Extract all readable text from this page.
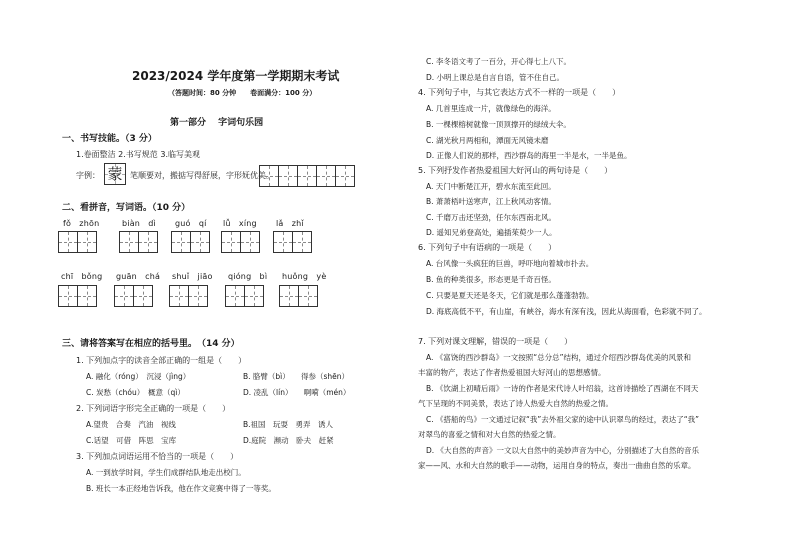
2023/2024 学年度第一学期期末考试
（答题时间：80 分钟　　卷面满分：100 分）
第一部分　 字词句乐园
一、书写技能。（3 分）
1.卷面整洁 2.书写规范 3.临写美观
字例： 蒙 笔顺要对，搬掂写得舒展，字形妩优美。
二、看拼音，写词语。（10 分）
fǒ　zhōn	biàn　dì guó　qí lǚ　xíng lǎ　zhǐ
chī　bǒng guān　chá shuǐ　jiāo qióng　bì huǒng　yè
三、请将答案写在相应的括号里。　（14 分）
1. 下列加点字的读音全部正确的一组是（　　）
A. 融化（róng）　沉浸（jìng）	B. 胳臂（bì）　　得参（shēn）
C. 炭愁（chóu）　概意（qì）	D. 凌乱（lín）　　啊嗬（mén）
2. 下列词语字形完全正确的一项是（　　）
A.望贵　合奏　汽油　视线	B.祖国　玩耍　勇弄　诱人
C.话望　可借　阵思　宝库	D.庭院　濒动　卧夫　赶紧
3. 下列加点词语运用不恰当的一项是（　　）
A. 一到放学时间，学生们成群结队地走出校门。
B. 班长一本正经地告诉我，他在作文竞赛中得了一等奖。
C. 李冬语文考了一百分，开心得七上八下。
D. 小明上课总是自言自语，管不住自己。
4. 下列句子中，与其它表达方式不一样的一项是（　　）
A. 几首里连成一片，就像绿色的海洋。
B. 一棵棵榕树就像一顶顶撑开的绿绒大伞。
C. 湖光秋月两相和，潭面无风镜未磨
D. 正像人们说的那样，西沙群岛的海里一半是水，一半是鱼。
5. 下列抒发作者热爱祖国大好河山的两句诗是（　　）
A. 天门中断楚江开，碧水东流至此回。
B. 萧萧梧叶送寒声，江上秋风动客情。
C. 千磨万击还坚劲，任尔东西南北风。
D. 遥知兄弟登高处，遍插茱萸少一人。
6. 下列句子中有语病的一项是（　　）
A. 台风像一头疯狂的巨兽，呼吓地向着城市扑去。
B. 鱼的种类很多，形态更是千奇百怪。
C. 只要是夏天还是冬天，它们就是那么蓬蓬勃勃。
D. 海底高低不平，有山崖，有峡谷，海水有深有浅，因此从海面看，色彩就不同了。
7. 下列对课文理解，错误的一项是（　　）
A. 《富饶的西沙群岛》一文按照“总分总”结构，通过介绍西沙群岛优美的风景和
丰富的物产，表达了作者热爱祖国大好河山的思想感情。
B. 《饮湖上初晴后雨》一诗的作者是宋代诗人叶绍翁，这首诗描绘了西湖在不同天
气下呈现的不同美景，表达了诗人热爱大自然的热爱之情。
C. 《搭船的鸟》一文通过记叙“我”去外祖父家的途中认识翠鸟的经过，表达了“我”
对翠鸟的喜爱之情和对大自然的热爱之情。
D. 《大自然的声音》一文以大自然中的美妙声音为中心，分别描述了大自然的音乐
家——风、水和大自然的歌手——动物，运用自身的特点，奏出一曲曲自然的乐章。
